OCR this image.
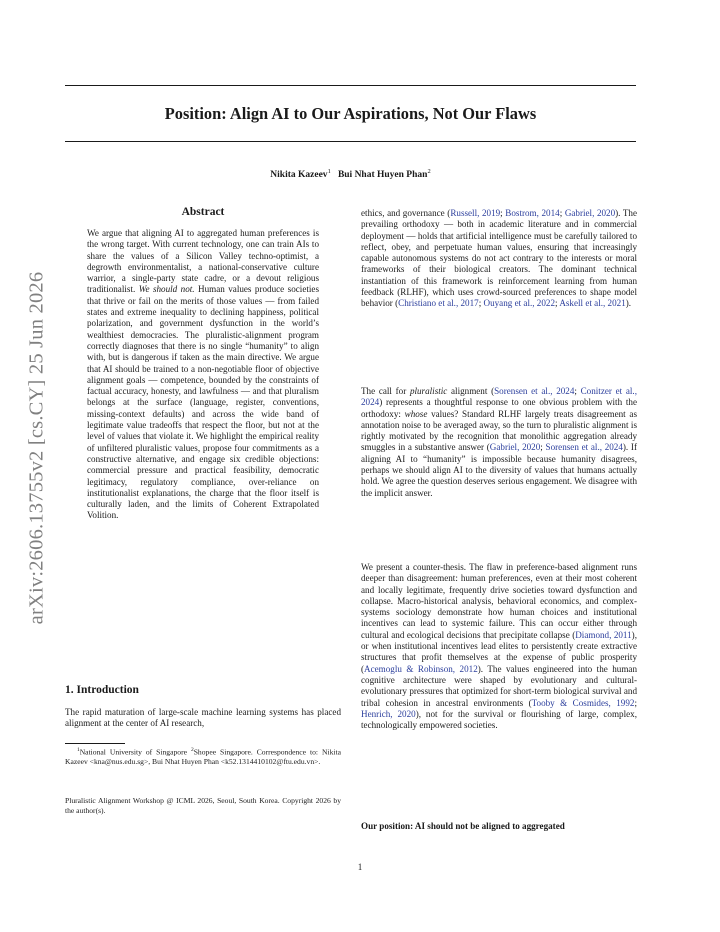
Position: Align AI to Our Aspirations, Not Our Flaws
Nikita Kazeev$^1$ Bui Nhat Huyen Phan$^2$
arXiv:2606.13755v2 [cs.CY] 25 Jun 2026
Abstract

We argue that aligning AI to aggregated human preferences is the wrong target. With current technology, one can train AIs to share the values of a Silicon Valley techno-optimist, a degrowth environmentalist, a national-conservative culture warrior, a single-party state cadre, or a devout religious traditionalist. We should not. Human values produce societies that thrive or fail on the merits of those values — from failed states and extreme inequality to declining happiness, political polarization, and government dysfunction in the world’s wealthiest democracies. The pluralistic-alignment program correctly diagnoses that there is no single “humanity” to align with, but is dangerous if taken as the main directive. We argue that AI should be trained to a non-negotiable floor of objective alignment goals — competence, bounded by the constraints of factual accuracy, honesty, and lawfulness — and that pluralism belongs at the surface (language, register, conventions, missing-context defaults) and across the wide band of legitimate value tradeoffs that respect the floor, but not at the level of values that violate it. We highlight the empirical reality of unfiltered pluralistic values, propose four commitments as a constructive alternative, and engage six credible objections: commercial pressure and practical feasibility, democratic legitimacy, regulatory compliance, over-reliance on institutionalist explanations, the charge that the floor itself is culturally laden, and the limits of Coherent Extrapolated Volition.

1. Introduction

The rapid maturation of large-scale machine learning systems has placed alignment at the center of AI research,

$^1$National University of Singapore $^2$Shopee Singapore. Correspondence to: Nikita Kazeev <kna@nus.edu.sg>, Bui Nhat Huyen Phan <k52.1314410102@ftu.edu.vn>.

Pluralistic Alignment Workshop @ ICML 2026, Seoul, South Korea. Copyright 2026 by the author(s).

ethics, and governance (Russell, 2019; Bostrom, 2014; Gabriel, 2020). The prevailing orthodoxy — both in academic literature and in commercial deployment — holds that artificial intelligence must be carefully tailored to reflect, obey, and perpetuate human values, ensuring that increasingly capable autonomous systems do not act contrary to the interests or moral frameworks of their biological creators. The dominant technical instantiation of this framework is reinforcement learning from human feedback (RLHF), which uses crowd-sourced preferences to shape model behavior (Christiano et al., 2017; Ouyang et al., 2022; Askell et al., 2021).

The call for pluralistic alignment (Sorensen et al., 2024; Conitzer et al., 2024) represents a thoughtful response to one obvious problem with the orthodoxy: whose values? Standard RLHF largely treats disagreement as annotation noise to be averaged away, so the turn to pluralistic alignment is rightly motivated by the recognition that monolithic aggregation already smuggles in a substantive answer (Gabriel, 2020; Sorensen et al., 2024). If aligning AI to “humanity” is impossible because humanity disagrees, perhaps we should align AI to the diversity of values that humans actually hold. We agree the question deserves serious engagement. We disagree with the implicit answer.

We present a counter-thesis. The flaw in preference-based alignment runs deeper than disagreement: human preferences, even at their most coherent and locally legitimate, frequently drive societies toward dysfunction and collapse. Macro-historical analysis, behavioral economics, and complex-systems sociology demonstrate how human choices and institutional incentives can lead to systemic failure. This can occur either through cultural and ecological decisions that precipitate collapse (Diamond, 2011), or when institutional incentives lead elites to persistently create extractive structures that profit themselves at the expense of public prosperity (Acemoglu & Robinson, 2012). The values engineered into the human cognitive architecture were shaped by evolutionary and cultural-evolutionary pressures that optimized for short-term biological survival and tribal cohesion in ancestral environments (Tooby & Cosmides, 1992; Henrich, 2020), not for the survival or flourishing of large, complex, technologically empowered societies.

Our position: AI should not be aligned to aggregated
1
